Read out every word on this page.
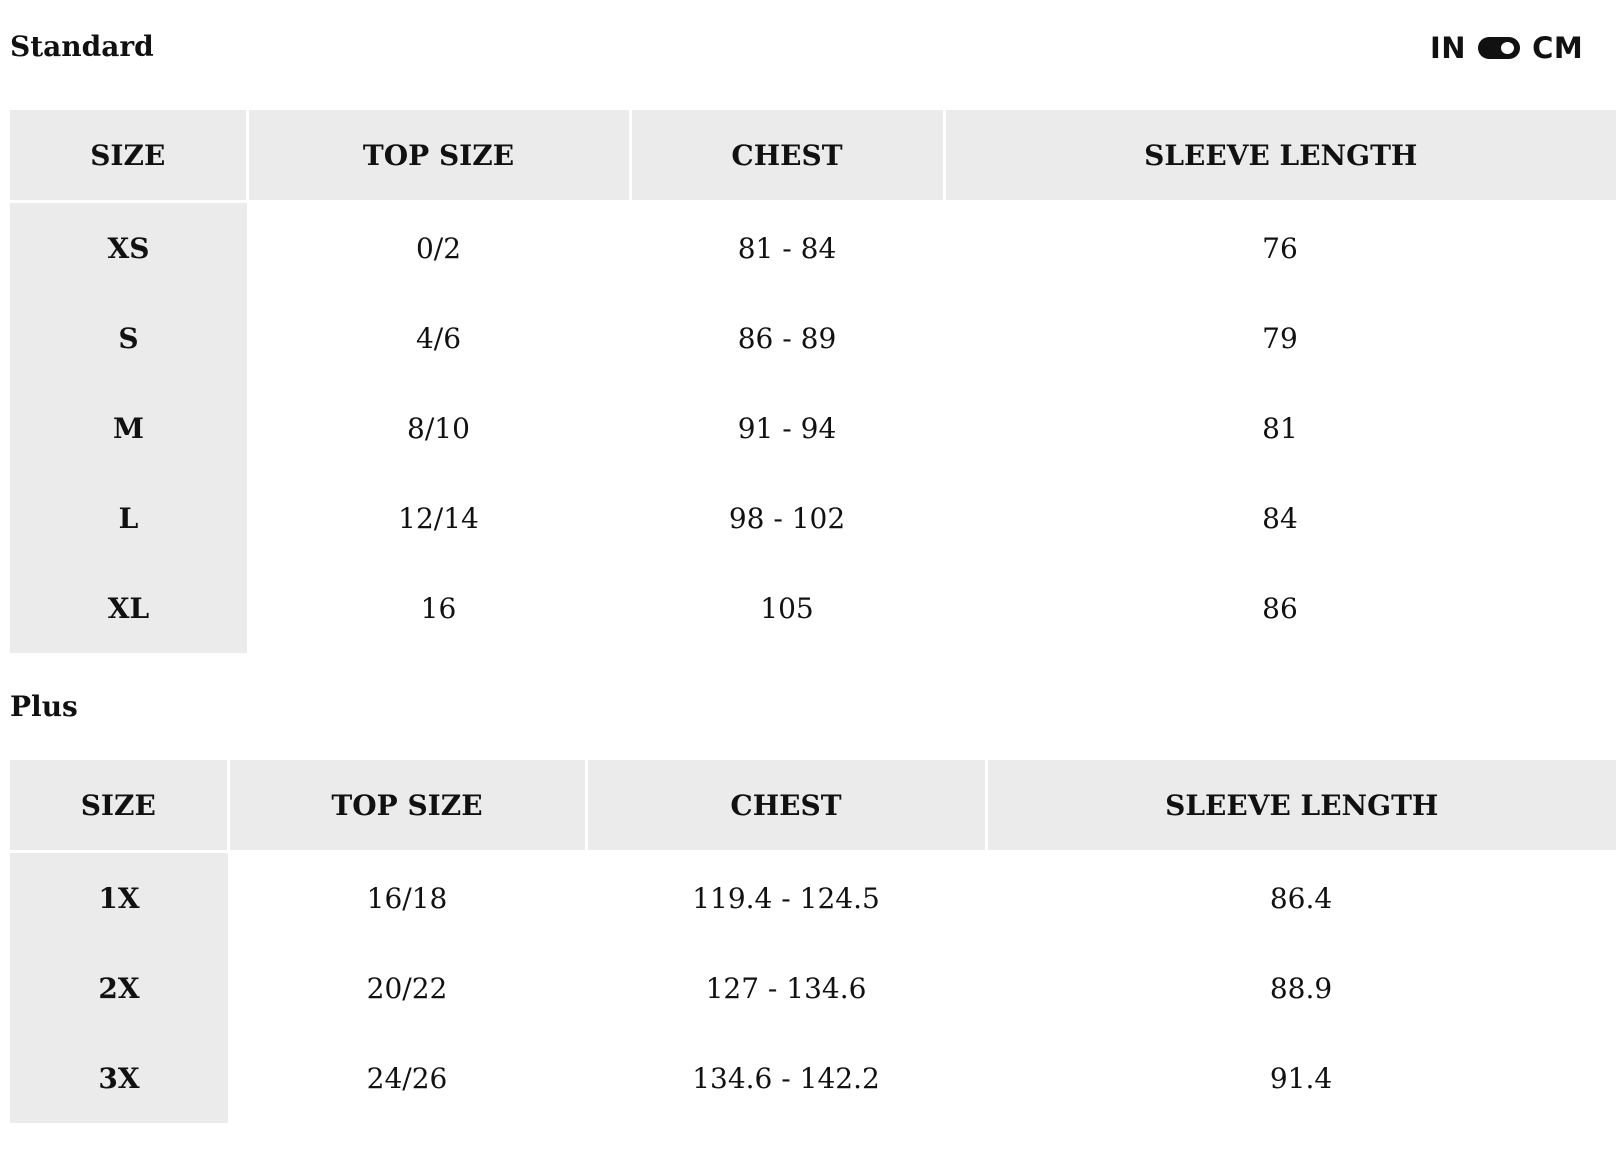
Standard	IN CM
SIZE	TOP SIZE	CHEST	SLEEVE LENGTH
XS	0/2	81 - 84	76
S	4/6	86 - 89	79
M	8/10	91 - 94	81
L	12/14	98 - 102	84
XL	16	105	86
Plus
SIZE	TOP SIZE	CHEST	SLEEVE LENGTH
1X	16/18	119.4 - 124.5	86.4
2X	20/22	127 - 134.6	88.9
3X	24/26	134.6 - 142.2	91.4
